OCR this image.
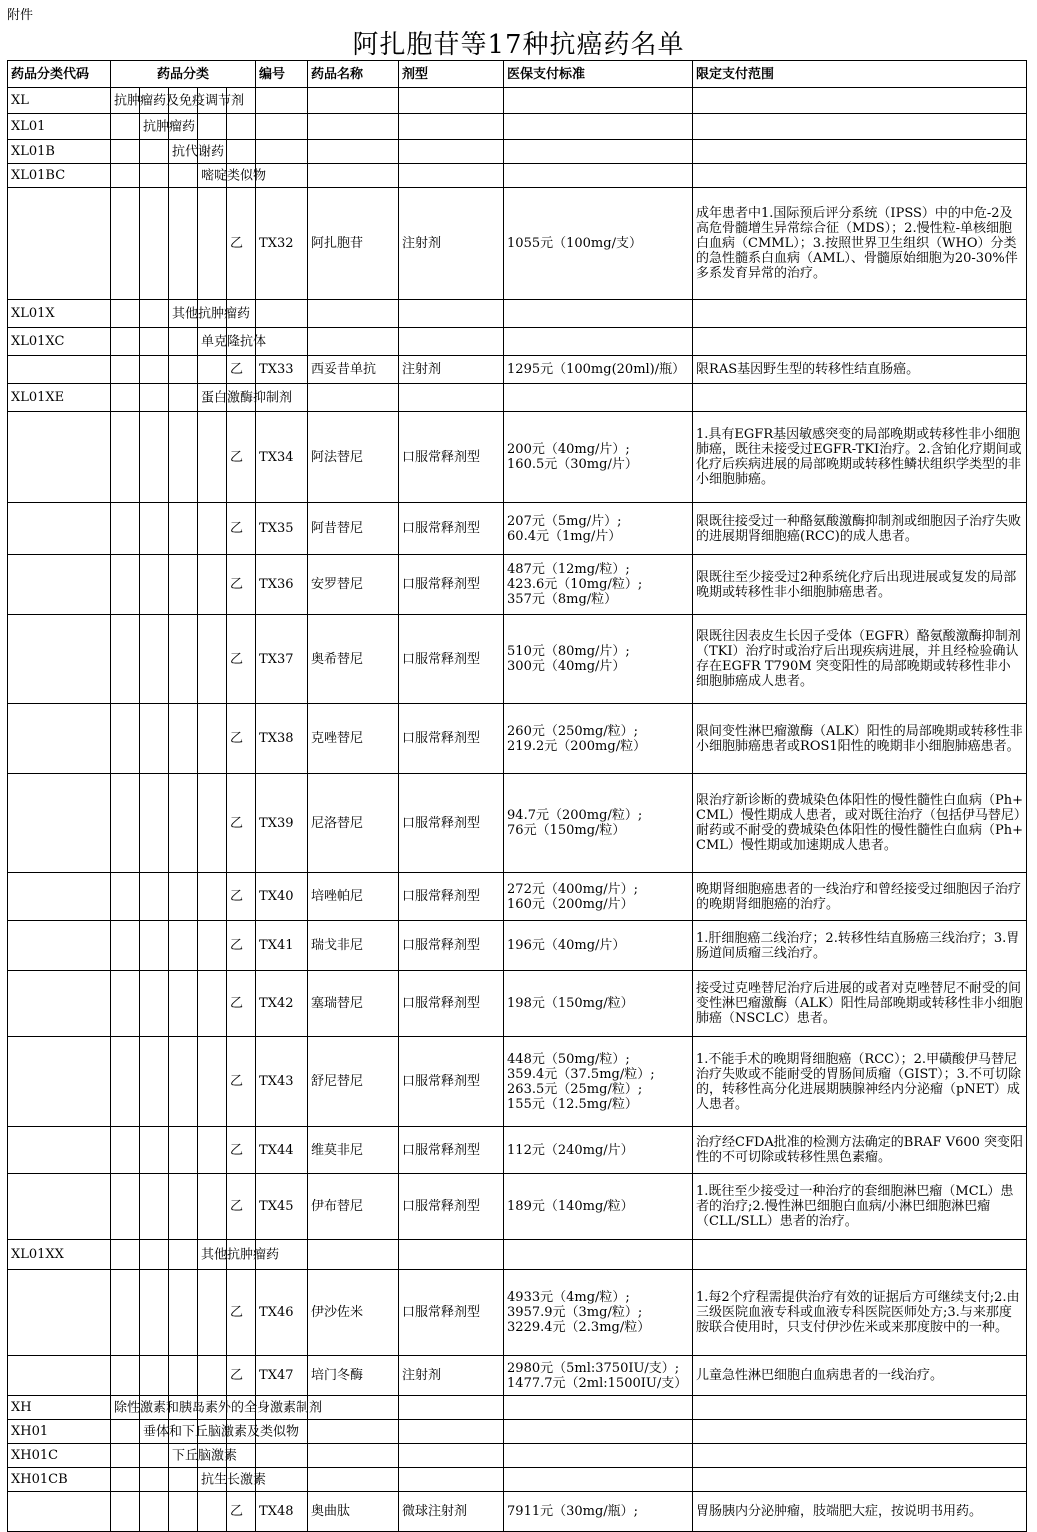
附件
阿扎胞苷等17种抗癌药名单
药品分类代码	药品分类					编号	药品名称	剂型	医保支付标准	限定支付范围
XL	抗肿瘤药及免疫调节剂									

XL01		抗肿瘤药								

XL01B			抗代谢药							

XL01BC				嘧啶类似物						

					乙	TX32	阿扎胞苷	注射剂	1055元（100mg/支）	成年患者中1.国际预后评分系统（IPSS）中的中危-2及高危骨髓增生异常综合征（MDS）；2.慢性粒-单核细胞白血病（CMML）；3.按照世界卫生组织（WHO）分类的急性髓系白血病（AML）、骨髓原始细胞为20-30%伴多系发育异常的治疗。
XL01X			其他抗肿瘤药							

XL01XC				单克隆抗体						

					乙	TX33	西妥昔单抗	注射剂	1295元（100mg(20ml)/瓶）	限RAS基因野生型的转移性结直肠癌。
XL01XE				蛋白激酶抑制剂						

					乙	TX34	阿法替尼	口服常释剂型	200元（40mg/片）;
160.5元（30mg/片）	1.具有EGFR基因敏感突变的局部晚期或转移性非小细胞肺癌，既往未接受过EGFR-TKI治疗。2.含铂化疗期间或化疗后疾病进展的局部晚期或转移性鳞状组织学类型的非小细胞肺癌。
					乙	TX35	阿昔替尼	口服常释剂型	207元（5mg/片）;
60.4元（1mg/片）	限既往接受过一种酪氨酸激酶抑制剂或细胞因子治疗失败的进展期肾细胞癌(RCC)的成人患者。
					乙	TX36	安罗替尼	口服常释剂型	487元（12mg/粒）;
423.6元（10mg/粒）;
357元（8mg/粒）	限既往至少接受过2种系统化疗后出现进展或复发的局部晚期或转移性非小细胞肺癌患者。
					乙	TX37	奥希替尼	口服常释剂型	510元（80mg/片）;
300元（40mg/片）	限既往因表皮生长因子受体（EGFR）酪氨酸激酶抑制剂（TKI）治疗时或治疗后出现疾病进展，并且经检验确认存在EGFR T790M 突变阳性的局部晚期或转移性非小细胞肺癌成人患者。
					乙	TX38	克唑替尼	口服常释剂型	260元（250mg/粒）;
219.2元（200mg/粒）	限间变性淋巴瘤激酶（ALK）阳性的局部晚期或转移性非小细胞肺癌患者或ROS1阳性的晚期非小细胞肺癌患者。
					乙	TX39	尼洛替尼	口服常释剂型	94.7元（200mg/粒）;
76元（150mg/粒）	限治疗新诊断的费城染色体阳性的慢性髓性白血病（Ph+ CML）慢性期成人患者，或对既往治疗（包括伊马替尼）耐药或不耐受的费城染色体阳性的慢性髓性白血病（Ph+ CML）慢性期或加速期成人患者。
					乙	TX40	培唑帕尼	口服常释剂型	272元（400mg/片）;
160元（200mg/片）	晚期肾细胞癌患者的一线治疗和曾经接受过细胞因子治疗的晚期肾细胞癌的治疗。
					乙	TX41	瑞戈非尼	口服常释剂型	196元（40mg/片）	1.肝细胞癌二线治疗；2.转移性结直肠癌三线治疗；3.胃肠道间质瘤三线治疗。
					乙	TX42	塞瑞替尼	口服常释剂型	198元（150mg/粒）	接受过克唑替尼治疗后进展的或者对克唑替尼不耐受的间变性淋巴瘤激酶（ALK）阳性局部晚期或转移性非小细胞肺癌（NSCLC）患者。
					乙	TX43	舒尼替尼	口服常释剂型	448元（50mg/粒）;
359.4元（37.5mg/粒）;
263.5元（25mg/粒）;
155元（12.5mg/粒）	1.不能手术的晚期肾细胞癌（RCC）；2.甲磺酸伊马替尼治疗失败或不能耐受的胃肠间质瘤（GIST）；3.不可切除的，转移性高分化进展期胰腺神经内分泌瘤（pNET）成人患者。
					乙	TX44	维莫非尼	口服常释剂型	112元（240mg/片）	治疗经CFDA批准的检测方法确定的BRAF V600 突变阳性的不可切除或转移性黑色素瘤。
					乙	TX45	伊布替尼	口服常释剂型	189元（140mg/粒）	1.既往至少接受过一种治疗的套细胞淋巴瘤（MCL）患者的治疗;2.慢性淋巴细胞白血病/小淋巴细胞淋巴瘤（CLL/SLL）患者的治疗。
XL01XX				其他抗肿瘤药						

					乙	TX46	伊沙佐米	口服常释剂型	4933元（4mg/粒）;
3957.9元（3mg/粒）;
3229.4元（2.3mg/粒）	1.每2个疗程需提供治疗有效的证据后方可继续支付;2.由三级医院血液专科或血液专科医院医师处方;3.与来那度胺联合使用时，只支付伊沙佐米或来那度胺中的一种。
					乙	TX47	培门冬酶	注射剂	2980元（5ml:3750IU/支）;
1477.7元（2ml:1500IU/支）	儿童急性淋巴细胞白血病患者的一线治疗。
XH	除性激素和胰岛素外的全身激素制剂									

XH01		垂体和下丘脑激素及类似物								

XH01C			下丘脑激素							

XH01CB				抗生长激素						

					乙	TX48	奥曲肽	微球注射剂	7911元（30mg/瓶）;	胃肠胰内分泌肿瘤，肢端肥大症，按说明书用药。
